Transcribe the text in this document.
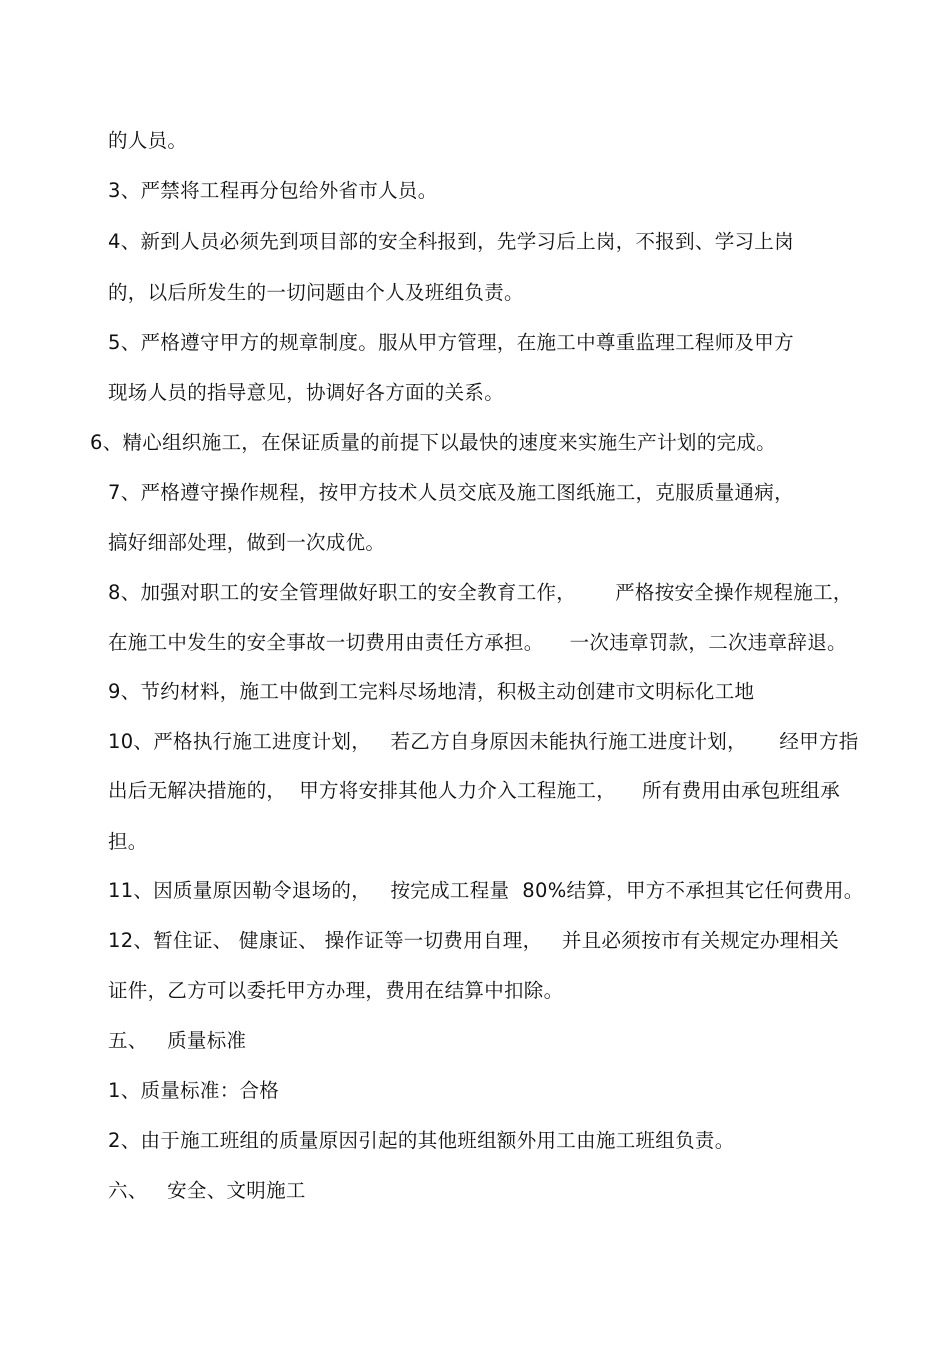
的人员。
3、严禁将工程再分包给外省市人员。
4、新到人员必须先到项目部的安全科报到，先学习后上岗，不报到、学习上岗
的，以后所发生的一切问题由个人及班组负责。
5、严格遵守甲方的规章制度。服从甲方管理，在施工中尊重监理工程师及甲方
现场人员的指导意见，协调好各方面的关系。
6、精心组织施工，在保证质量的前提下以最快的速度来实施生产计划的完成。
7、严格遵守操作规程，按甲方技术人员交底及施工图纸施工，克服质量通病，
搞好细部处理，做到一次成优。
8、加强对职工的安全管理做好职工的安全教育工作，      严格按安全操作规程施工，
在施工中发生的安全事故一切费用由责任方承担。    一次违章罚款，二次违章辞退。
9、节约材料，施工中做到工完料尽场地清，积极主动创建市文明标化工地
10、严格执行施工进度计划，   若乙方自身原因未能执行施工进度计划，     经甲方指
出后无解决措施的，  甲方将安排其他人力介入工程施工，    所有费用由承包班组承
担。
11、因质量原因勒令退场的，   按完成工程量  80%结算，甲方不承担其它任何费用。
12、暂住证、 健康证、 操作证等一切费用自理，   并且必须按市有关规定办理相关
证件，乙方可以委托甲方办理，费用在结算中扣除。
五、   质量标准
1、质量标准：合格
2、由于施工班组的质量原因引起的其他班组额外用工由施工班组负责。
六、   安全、文明施工
